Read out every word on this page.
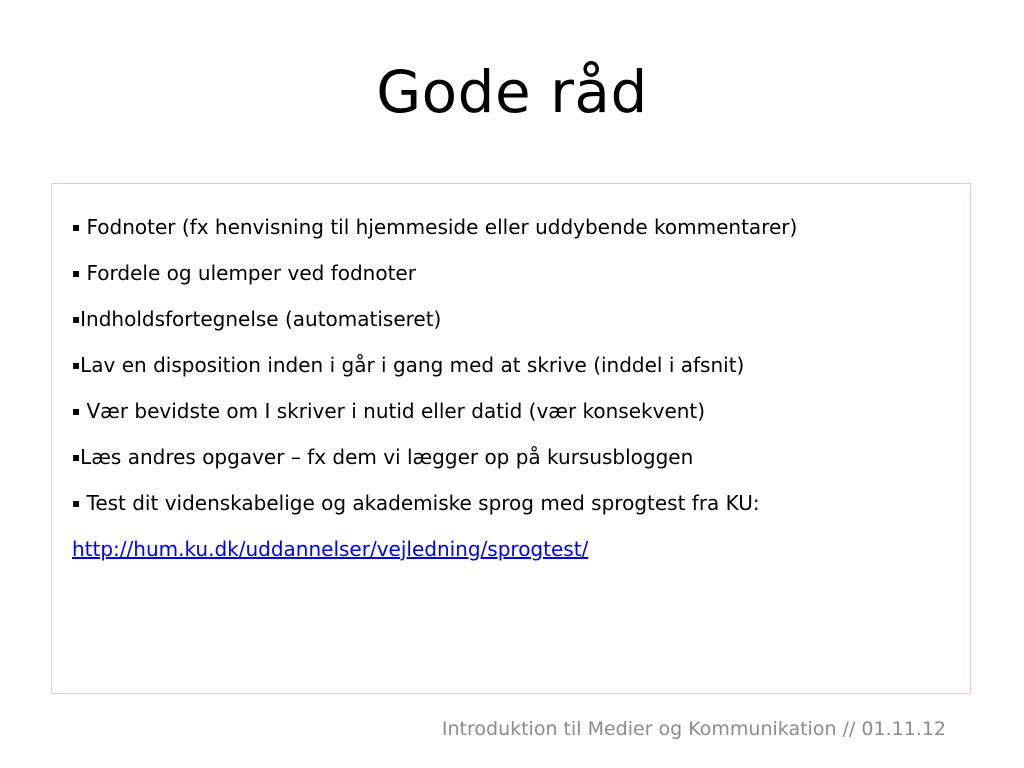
Gode råd
▪ Fodnoter (fx henvisning til hjemmeside eller uddybende kommentarer)
▪ Fordele og ulemper ved fodnoter
▪Indholdsfortegnelse (automatiseret)
▪Lav en disposition inden i går i gang med at skrive (inddel i afsnit)
▪ Vær bevidste om I skriver i nutid eller datid (vær konsekvent)
▪Læs andres opgaver – fx dem vi lægger op på kursusbloggen
▪ Test dit videnskabelige og akademiske sprog med sprogtest fra KU:
http://hum.ku.dk/uddannelser/vejledning/sprogtest/

Introduktion til Medier og Kommunikation // 01.11.12
